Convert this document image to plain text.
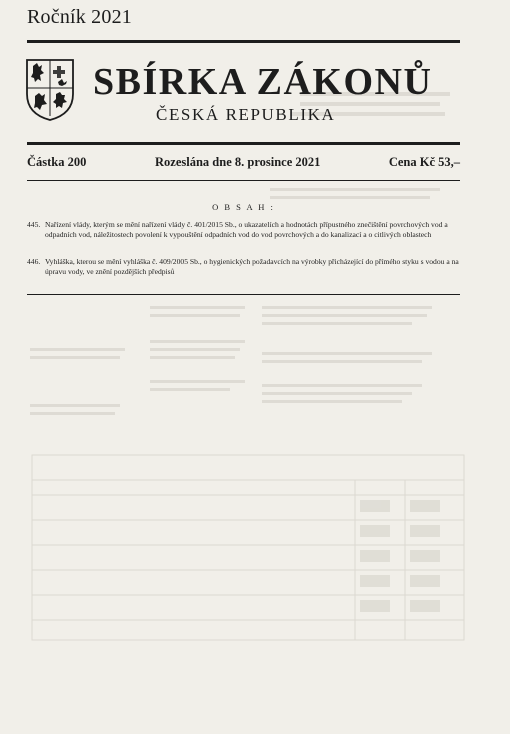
Ročník 2021
SBÍRKA ZÁKONŮ
ČESKÁ REPUBLIKA
Částka 200	Rozeslána dne 8. prosince 2021	Cena Kč 53,–
O B S A H :
445. Nařízení vlády, kterým se mění nařízení vlády č. 401/2015 Sb., o ukazatelích a hodnotách přípustného znečištění povrchových vod a odpadních vod, náležitostech povolení k vypouštění odpadních vod do vod povrchových a do kanalizací a o citlivých oblastech
446. Vyhláška, kterou se mění vyhláška č. 409/2005 Sb., o hygienických požadavcích na výrobky přicházející do přímého styku s vodou a na úpravu vody, ve znění pozdějších předpisů
